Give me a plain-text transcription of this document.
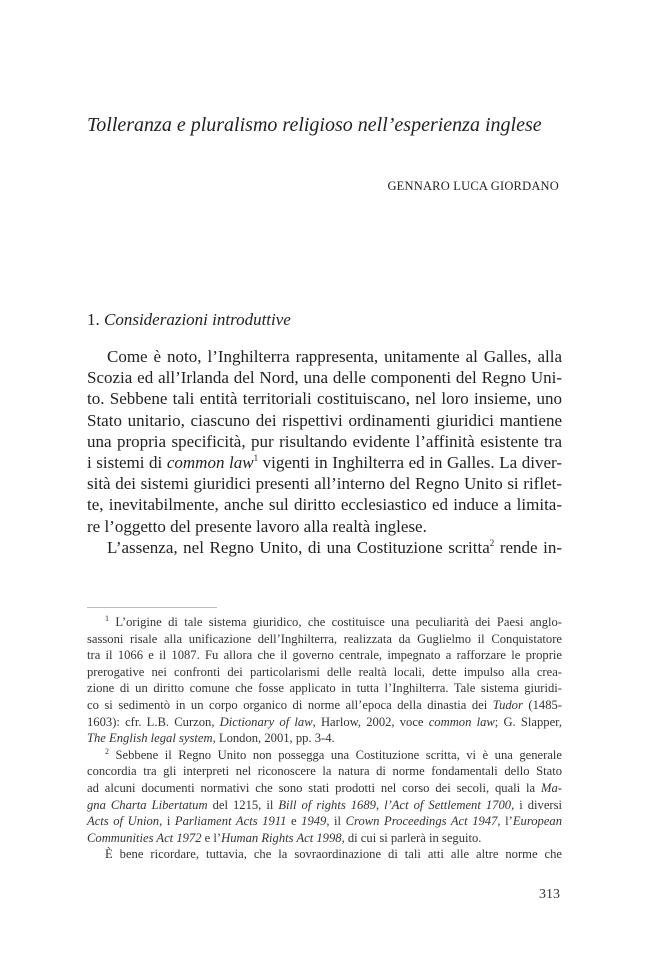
Tolleranza e pluralismo religioso nell’esperienza inglese
GENNARO LUCA GIORDANO
1. Considerazioni introduttive
Come è noto, l’Inghilterra rappresenta, unitamente al Galles, alla
Scozia ed all’Irlanda del Nord, una delle componenti del Regno Uni-
to. Sebbene tali entità territoriali costituiscano, nel loro insieme, uno
Stato unitario, ciascuno dei rispettivi ordinamenti giuridici mantiene
una propria specificità, pur risultando evidente l’affinità esistente tra
i sistemi di common law$^1$ vigenti in Inghilterra ed in Galles. La diver-
sità dei sistemi giuridici presenti all’interno del Regno Unito si riflet-
te, inevitabilmente, anche sul diritto ecclesiastico ed induce a limita-
re l’oggetto del presente lavoro alla realtà inglese.
L’assenza, nel Regno Unito, di una Costituzione scritta$^2$ rende in-
$^1$ L’origine di tale sistema giuridico, che costituisce una peculiarità dei Paesi anglo-
sassoni risale alla unificazione dell’Inghilterra, realizzata da Guglielmo il Conquistatore
tra il 1066 e il 1087. Fu allora che il governo centrale, impegnato a rafforzare le proprie
prerogative nei confronti dei particolarismi delle realtà locali, dette impulso alla crea-
zione di un diritto comune che fosse applicato in tutta l’Inghilterra. Tale sistema giuridi-
co si sedimentò in un corpo organico di norme all’epoca della dinastia dei Tudor (1485-
1603): cfr. L.B. Curzon, Dictionary of law, Harlow, 2002, voce common law; G. Slapper,
The English legal system, London, 2001, pp. 3-4.
$^2$ Sebbene il Regno Unito non possegga una Costituzione scritta, vi è una generale
concordia tra gli interpreti nel riconoscere la natura di norme fondamentali dello Stato
ad alcuni documenti normativi che sono stati prodotti nel corso dei secoli, quali la Ma-
gna Charta Libertatum del 1215, il Bill of rights 1689, l’Act of Settlement 1700, i diversi
Acts of Union, i Parliament Acts 1911 e 1949, il Crown Proceedings Act 1947, l’European
Communities Act 1972 e l’Human Rights Act 1998, di cui si parlerà in seguito.
È bene ricordare, tuttavia, che la sovraordinazione di tali atti alle altre norme che
313
